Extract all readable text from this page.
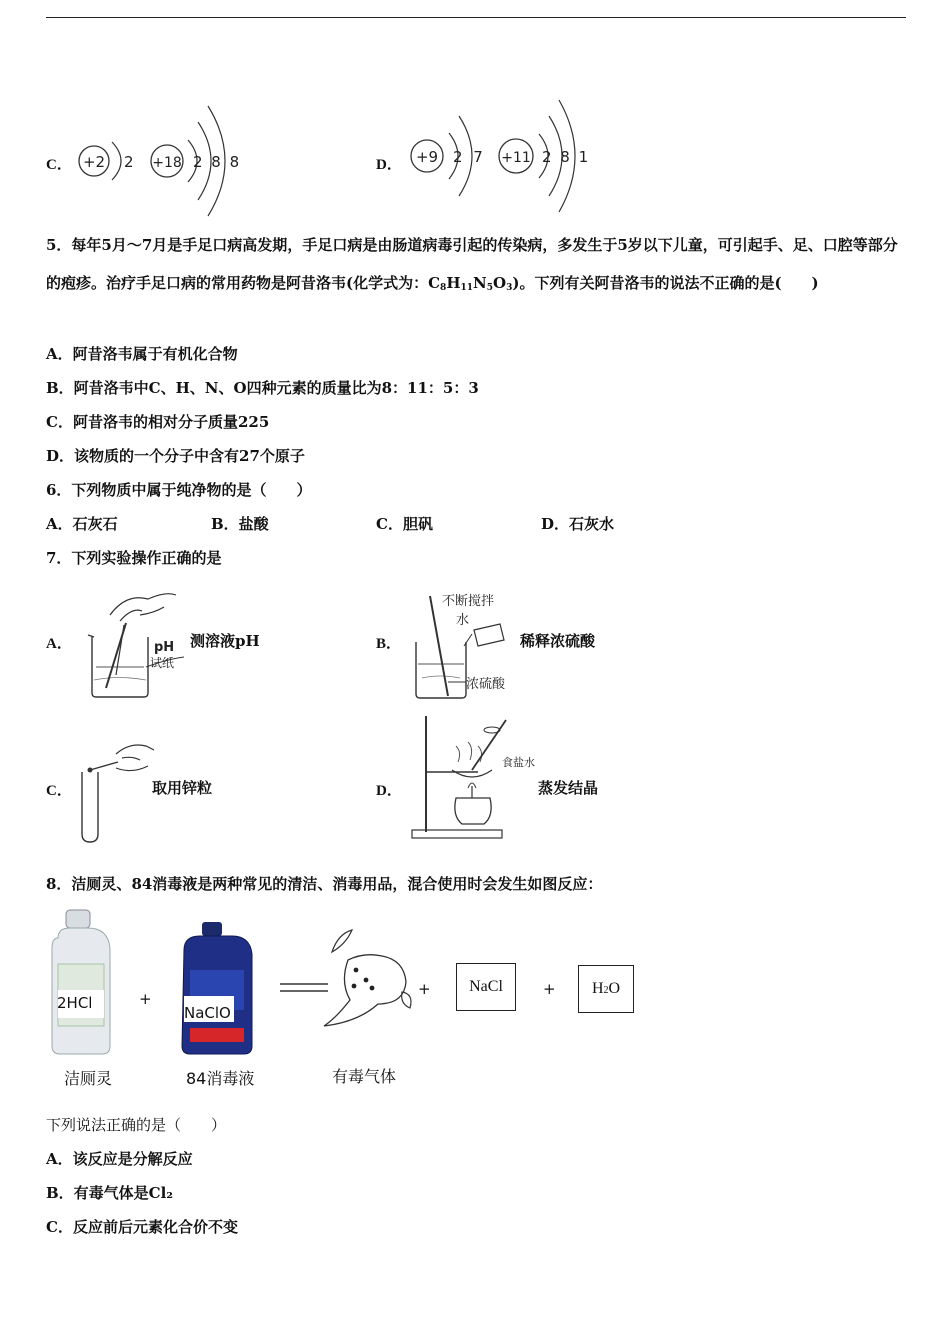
C． +2 2 +18 2 8 8	D． +9 2 7 +11 2 8 1
5．每年5月～7月是手足口病高发期，手足口病是由肠道病毒引起的传染病，多发生于5岁以下儿童，可引起手、足、口腔等部分的疱疹。治疗手足口病的常用药物是阿昔洛韦(化学式为：$C_8H_{11}N_5O_3$)。下列有关阿昔洛韦的说法不正确的是(　　)
A．阿昔洛韦属于有机化合物
B．阿昔洛韦中C、H、N、O四种元素的质量比为8：11：5：3
C．阿昔洛韦的相对分子质量225
D．该物质的一个分子中含有27个原子
6．下列物质中属于纯净物的是（　　）
A．石灰石	B．盐酸	C．胆矾	D．石灰水
7．下列实验操作正确的是
A．	pH
试纸
测溶液pH	B．
不断搅拌
水
浓硫酸
稀释浓硫酸
C．	取用锌粒	D．
食盐水
蒸发结晶
8．洁厕灵、84消毒液是两种常见的清洁、消毒用品，混合使用时会发生如图反应：
2HCl
洁厕灵
+
NaClO
84消毒液	有毒气体
+	NaCl	+	H2O
下列说法正确的是（　　）
A．该反应是分解反应
B．有毒气体是Cl₂
C．反应前后元素化合价不变
